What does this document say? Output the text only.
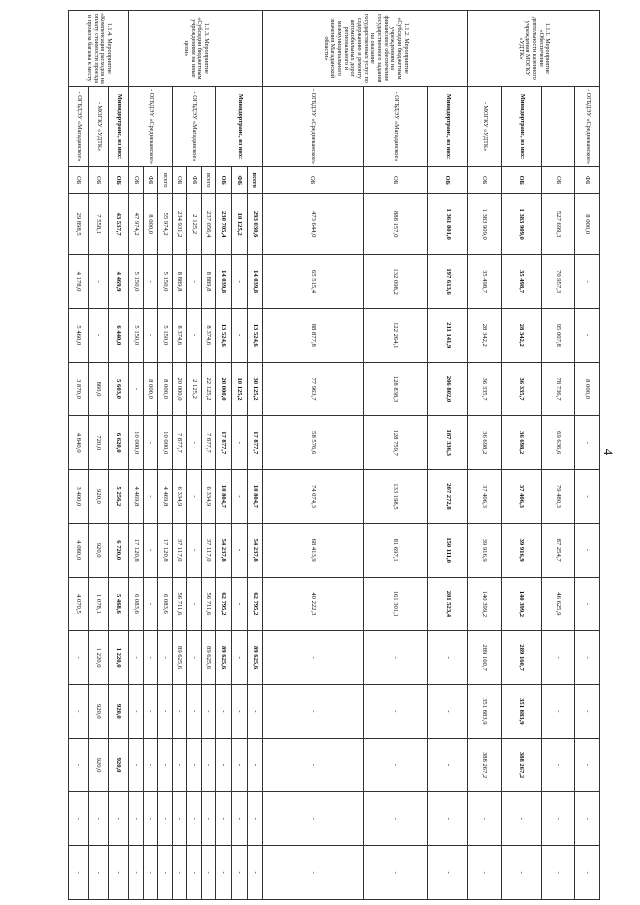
4
1.1.1. Мероприятие «Обеспечение деятельности казенного учреждения МОГКУ «УДТК»	- ОГБДЭУ «Среднеканское»	ФБ	8 000,0	-	-	8 000,0	-	-	-	-	-	-	-	-	-
		ОБ	527 699,3	70 957,3	95 007,8	78 736,7	69 636,6	79 480,3	87 254,7	46 625,9	-	-	-	-	-
	Минидортранс, из них:	ОБ	1 383 909,0	35 498,7	28 342,2	36 335,7	36 698,2	37 406,3	39 916,9	140 399,2	289 160,7	351 883,9	388 267,2	-	-
	- МОГКУ «УДТК»	ОБ	1 383 909,0	35 498,7	28 342,2	36 335,7	36 698,2	37 406,3	39 916,9	140 399,2	289 160,7	351 883,9	388 267,2	-	-
1.1.2. Мероприятие «Субсидии бюджетным учреждениям на финансовое обеспечение государственного задания на оказание государственных услуг по содержанию и ремонту автомобильных дорог регионального и межмуниципального значения Магаданской области»	Минидортранс, из них:	ОБ	1 361 801,0	197 613,6	211 141,9	206 802,0	187 336,3	207 272,8	150 111,0	201 523,4	-	-	-	-	-
	- ОГБДЭУ «Магаданское»	ОБ	888 157,0	132 098,2	122 264,1	128 838,3	128 759,7	133 198,5	81 697,1	161 301,1	-	-	-	-	-
	- ОГБДЭУ «Среднеканское»	ОБ	473 644,0	65 515,4	88 877,8	77 963,7	58 576,6	74 074,3	68 413,9	40 222,3	-	-	-	-	-
1.1.3. Мероприятие «Субсидии бюджетным учреждениям на иные цели»	Минидортранс, из них:	всего	293 030,6	14 039,8	13 524,6	30 125,2	17 877,7	10 804,7	54 237,8	62 795,2	89 625,6	-	-	-	-
		ФБ	10 125,2	-	-	10 125,2	-	-	-	-	-	-	-	-	-
		ОБ	230 705,4	14 039,8	13 524,6	20 000,0	17 877,7	10 804,7	54 237,8	62 795,2	89 625,6	-	-	-	-
	- ОГБДЭУ «Магаданское»	всего	237 056,4	8 889,8	8 374,6	22 125,2	7 877,7	6 334,9	37 117,0	56 711,6	89 625,6	-	-	-	-
		ФБ	2 125,2	-	-	2 125,2	-	-	-	-	-	-	-	-	-
		ОБ	234 931,2	8 889,8	8 374,6	20 000,0	7 877,7	6 334,9	37 117,0	56 711,6	89 625,6	-	-	-	-
	- ОГБДЭУ «Среднеканское»	всего	55 974,2	5 150,0	5 150,0	8 000,0	10 000,0	4 469,8	17 120,8	6 083,6	-	-	-	-	-
		ФБ	8 000,0	-	-	8 000,0	-	-	-	-	-	-	-	-	-
		ОБ	47 974,2	5 150,0	5 150,0	-	10 000,0	4 469,8	17 120,8	6 083,6	-	-	-	-	-
1.1.4. Мероприятие «Компенсация расходов на оплату стоимости проезда и провоза багажа к месту	Минидортранс, из них:	ОБ	43 537,7	4 469,9	6 440,0	5 603,0	6 620,0	5 256,2	6 720,0	5 468,6	1 220,0	920,0	920,0	-	-
	- МОГКУ «УДТК»	ОБ	7 558,1	-	-	860,0	720,0	920,0	920,0	1 078,1	1 220,0	920,0	920,0	-	-
	- ОГБДЭУ «Магаданское»	ОБ	29 898,5	4 178,0	5 460,0	3 870,0	4 840,0	3 400,0	4 080,0	4 070,5	-	-	-	-	-
